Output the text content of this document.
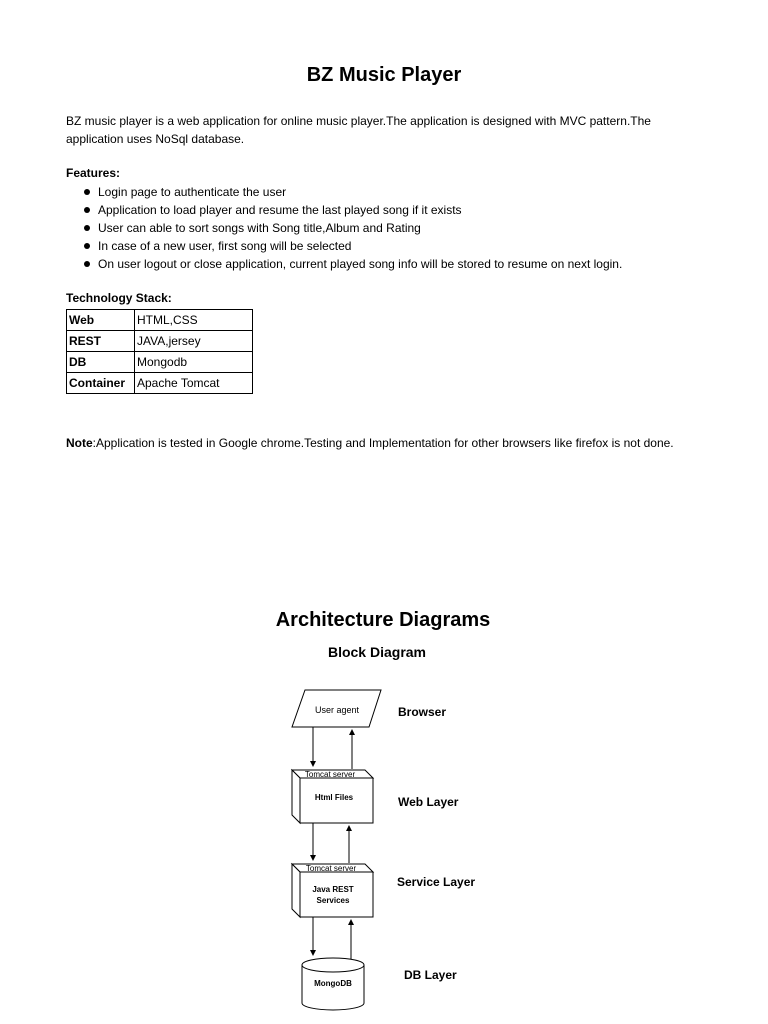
BZ Music Player
BZ music player is a web application for online music player.The application is designed with MVC pattern.The application uses NoSql database.
Features:
Login page to authenticate the user
Application to load player and resume the last played song if it exists
User can able to sort songs with Song title,Album and Rating
In case of a new user, first song will be selected
On user logout or close application, current played song info will be stored to resume on next login.
Technology Stack:
Web	HTML,CSS
REST	JAVA,jersey
DB	Mongodb
Container	Apache Tomcat
Note:Application is tested in Google chrome.Testing and Implementation for other browsers like firefox is not done.
Architecture Diagrams
Block Diagram
User agent	Browser
Tomcat server
Html Files	Web Layer
Tomcat server
Java REST
Services
Service Layer
MongoDB
DB Layer
